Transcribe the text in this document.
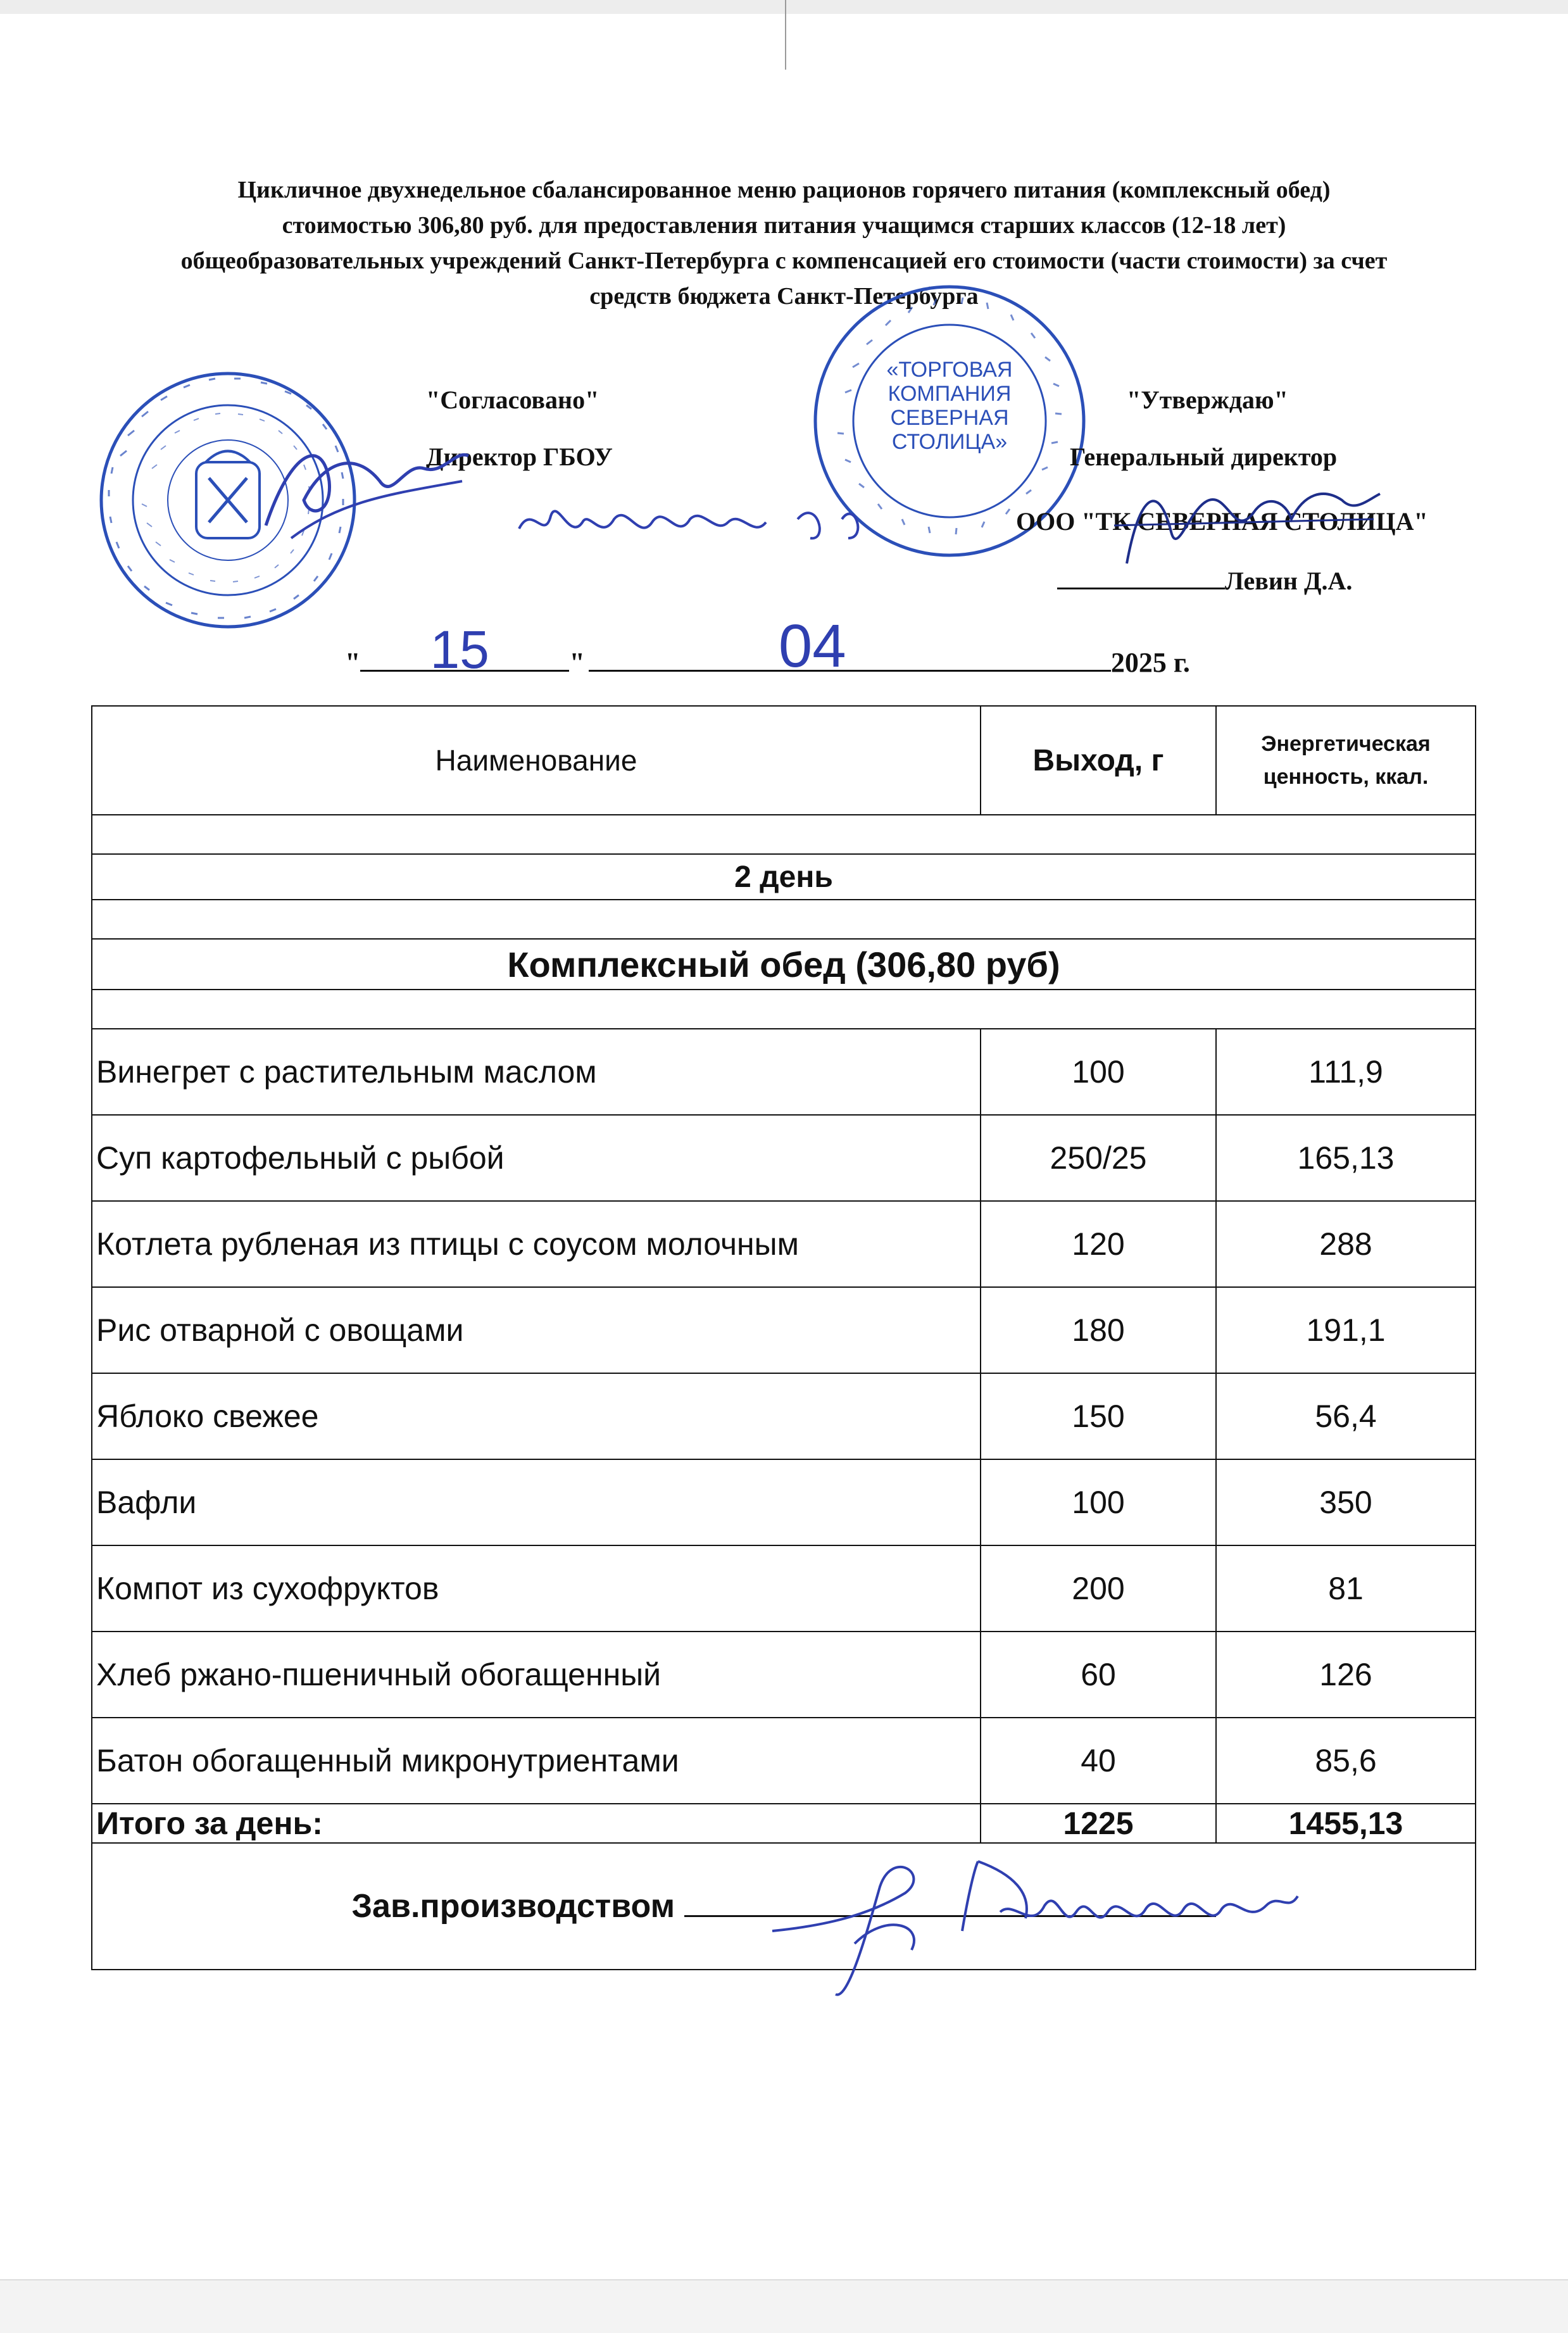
Цикличное двухнедельное сбалансированное меню рационов горячего питания (комплексный обед)
стоимостью 306,80 руб. для предоставления питания учащимся старших классов (12-18 лет)
общеобразовательных учреждений Санкт-Петербурга с компенсацией его стоимости (части стоимости) за счет
средств бюджета Санкт-Петербурга
«ТОРГОВАЯ
КОМПАНИЯ
СЕВЕРНАЯ
СТОЛИЦА»
"Согласовано"
Директор ГБОУ
"Утверждаю"
Генеральный директор
ООО "ТК СЕВЕРНАЯ СТОЛИЦА"
Левин Д.А.
" 15	"	04	2025 г.
Наименование	Выход, г	Энергетическая
ценность, ккал.

2 день		

Комплексный обед (306,80 руб)		

Винегрет с растительным маслом	100	111,9
Суп картофельный с рыбой	250/25	165,13
Котлета рубленая из птицы с соусом молочным	120	288
Рис отварной с овощами	180	191,1
Яблоко свежее	150	56,4
Вафли	100	350
Компот из сухофруктов	200	81
Хлеб ржано-пшеничный обогащенный	60	126
Батон обогащенный микронутриентами	40	85,6
Итого за день:	1225	1455,13
Зав.производством		
